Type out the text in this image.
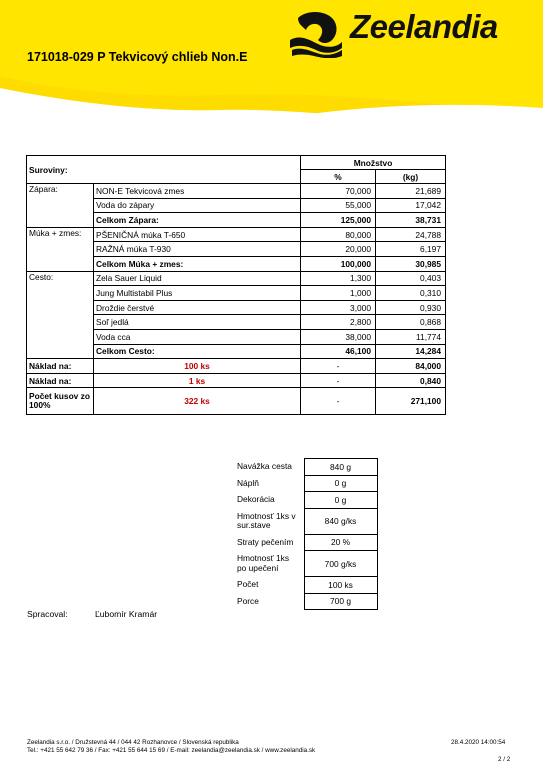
Zeelandia
171018-029 P Tekvicový chlieb Non.E
Suroviny:			Množstvo	
			%	(kg)
Zápara:	NON-E Tekvicová zmes		70,000	21,689
	Voda do zápary		55,000	17,042
	Celkom Zápara:		125,000	38,731
Múka + zmes:	PŠENIČNÁ múka T-650		80,000	24,788
	RAŽNÁ múka T-930		20,000	6,197
	Celkom Múka + zmes:		100,000	30,985
Cesto:	Zela Sauer Liquid		1,300	0,403
	Jung Multistabil Plus		1,000	0,310
	Droždie čerstvé		3,000	0,930
	Soľ jedlá		2,800	0,868
	Voda cca		38,000	11,774
	Celkom Cesto:		46,100	14,284
Náklad na:	100 ks		-	84,000
Náklad na:	1 ks		-	0,840
Počet kusov zo 100%	322 ks		-	271,100
Navážka cesta	840 g
Náplň	0 g
Dekorácia	0 g
Hmotnosť 1ks v sur.stave	840 g/ks
Straty pečením	20 %
Hmotnosť 1ks po upečení	700 g/ks
Počet	100 ks
Porce	700 g
Spracoval:	Ľubomír Kramár
Zeelandia s.r.o. / Družstevná 44 / 044 42 Rozhanovce / Slovenská republika
Tel.: +421 55 642 79 36 / Fax: +421 55 644 15 69 / E-mail: zeelandia@zeelandia.sk / www.zeelandia.sk
28.4.2020 14:00:54
2 / 2
